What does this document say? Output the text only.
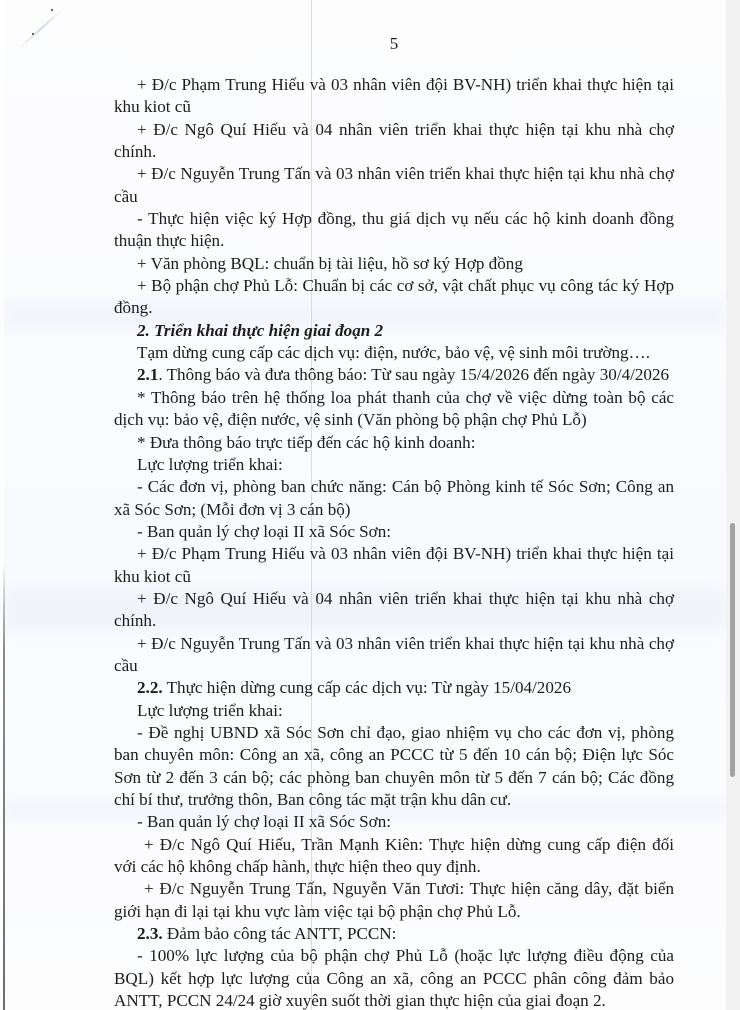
5

+ Đ/c Phạm Trung Hiếu và 03 nhân viên đội BV-NH) triển khai thực hiện tại khu kiot cũ

+ Đ/c Ngô Quí Hiếu và 04 nhân viên triển khai thực hiện tại khu nhà chợ chính.

+ Đ/c Nguyễn Trung Tấn và 03 nhân viên triển khai thực hiện tại khu nhà chợ cầu

- Thực hiện việc ký Hợp đồng, thu giá dịch vụ nếu các hộ kinh doanh đồng thuận thực hiện.

+ Văn phòng BQL: chuẩn bị tài liệu, hồ sơ ký Hợp đồng

+ Bộ phận chợ Phủ Lỗ: Chuẩn bị các cơ sở, vật chất phục vụ công tác ký Hợp đồng.

2. Triển khai thực hiện giai đoạn 2

Tạm dừng cung cấp các dịch vụ: điện, nước, bảo vệ, vệ sinh môi trường….

2.1. Thông báo và đưa thông báo: Từ sau ngày 15/4/2026 đến ngày 30/4/2026

* Thông báo trên hệ thống loa phát thanh của chợ về việc dừng toàn bộ các dịch vụ: bảo vệ, điện nước, vệ sinh (Văn phòng bộ phận chợ Phủ Lỗ)

* Đưa thông báo trực tiếp đến các hộ kinh doanh:

Lực lượng triển khai:

- Các đơn vị, phòng ban chức năng: Cán bộ Phòng kinh tế Sóc Sơn; Công an xã Sóc Sơn; (Mỗi đơn vị 3 cán bộ)

- Ban quản lý chợ loại II xã Sóc Sơn:

+ Đ/c Phạm Trung Hiếu và 03 nhân viên đội BV-NH) triển khai thực hiện tại khu kiot cũ

+ Đ/c Ngô Quí Hiếu và 04 nhân viên triển khai thực hiện tại khu nhà chợ chính.

+ Đ/c Nguyễn Trung Tấn và 03 nhân viên triển khai thực hiện tại khu nhà chợ cầu

2.2. Thực hiện dừng cung cấp các dịch vụ: Từ ngày 15/04/2026

Lực lượng triển khai:

- Đề nghị UBND xã Sóc Sơn chỉ đạo, giao nhiệm vụ cho các đơn vị, phòng ban chuyên môn: Công an xã, công an PCCC từ 5 đến 10 cán bộ; Điện lực Sóc Sơn từ 2 đến 3 cán bộ; các phòng ban chuyên môn từ 5 đến 7 cán bộ; Các đồng chí bí thư, trưởng thôn, Ban công tác mặt trận khu dân cư.

- Ban quản lý chợ loại II xã Sóc Sơn:

+ Đ/c Ngô Quí Hiếu, Trần Mạnh Kiên: Thực hiện dừng cung cấp điện đối với các hộ không chấp hành, thực hiện theo quy định.

+ Đ/c Nguyễn Trung Tấn, Nguyễn Văn Tươi: Thực hiện căng dây, đặt biển giới hạn đi lại tại khu vực làm việc tại bộ phận chợ Phủ Lỗ.

2.3. Đảm bảo công tác ANTT, PCCN:

- 100% lực lượng của bộ phận chợ Phủ Lỗ (hoặc lực lượng điều động của BQL) kết hợp lực lượng của Công an xã, công an PCCC phân công đảm bảo ANTT, PCCN 24/24 giờ xuyên suốt thời gian thực hiện của giai đoạn 2.
